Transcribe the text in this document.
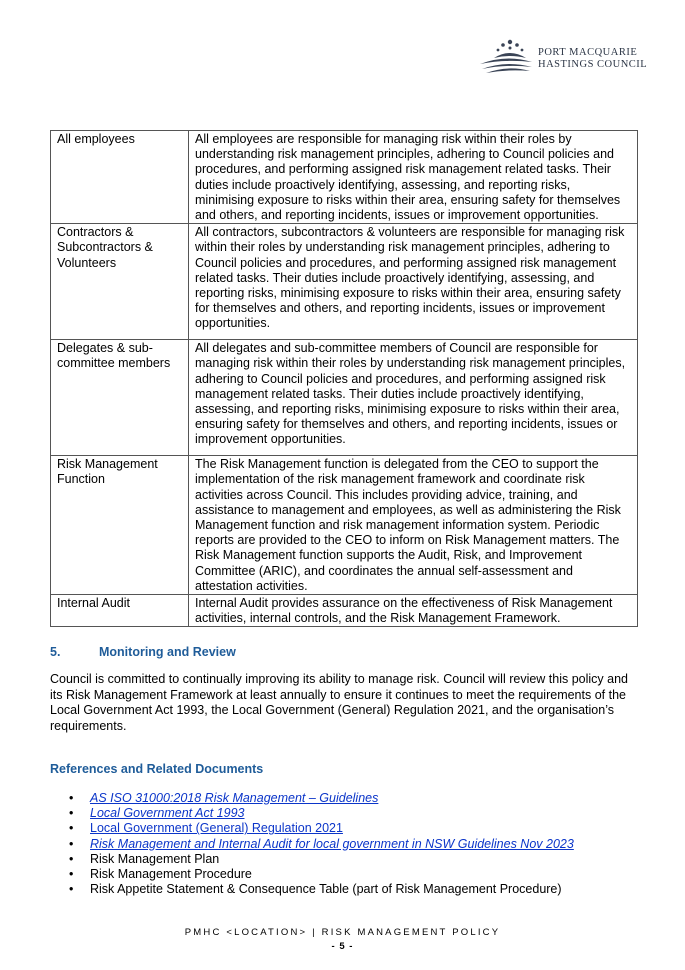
PORT MACQUARIE
HASTINGS COUNCIL
All employees	All employees are responsible for managing risk within their roles by understanding risk management principles, adhering to Council policies and procedures, and performing assigned risk management related tasks. Their duties include proactively identifying, assessing, and reporting risks, minimising exposure to risks within their area, ensuring safety for themselves and others, and reporting incidents, issues or improvement opportunities.
Contractors & Subcontractors & Volunteers	All contractors, subcontractors & volunteers are responsible for managing risk within their roles by understanding risk management principles, adhering to Council policies and procedures, and performing assigned risk management related tasks. Their duties include proactively identifying, assessing, and reporting risks, minimising exposure to risks within their area, ensuring safety for themselves and others, and reporting incidents, issues or improvement opportunities.
Delegates & sub-committee members	All delegates and sub-committee members of Council are responsible for managing risk within their roles by understanding risk management principles, adhering to Council policies and procedures, and performing assigned risk management related tasks. Their duties include proactively identifying, assessing, and reporting risks, minimising exposure to risks within their area, ensuring safety for themselves and others, and reporting incidents, issues or improvement opportunities.
Risk Management Function	The Risk Management function is delegated from the CEO to support the implementation of the risk management framework and coordinate risk activities across Council. This includes providing advice, training, and assistance to management and employees, as well as administering the Risk Management function and risk management information system. Periodic reports are provided to the CEO to inform on Risk Management matters. The Risk Management function supports the Audit, Risk, and Improvement Committee (ARIC), and coordinates the annual self-assessment and attestation activities.
Internal Audit	Internal Audit provides assurance on the effectiveness of Risk Management activities, internal controls, and the Risk Management Framework.
5.	Monitoring and Review
Council is committed to continually improving its ability to manage risk. Council will review this policy and its Risk Management Framework at least annually to ensure it continues to meet the requirements of the Local Government Act 1993, the Local Government (General) Regulation 2021, and the organisation’s requirements.
References and Related Documents
• AS ISO 31000:2018 Risk Management – Guidelines
• Local Government Act 1993
• Local Government (General) Regulation 2021
• Risk Management and Internal Audit for local government in NSW Guidelines Nov 2023
• Risk Management Plan
• Risk Management Procedure
• Risk Appetite Statement & Consequence Table (part of Risk Management Procedure)
PMHC <LOCATION> | RISK MANAGEMENT POLICY
- 5 -
